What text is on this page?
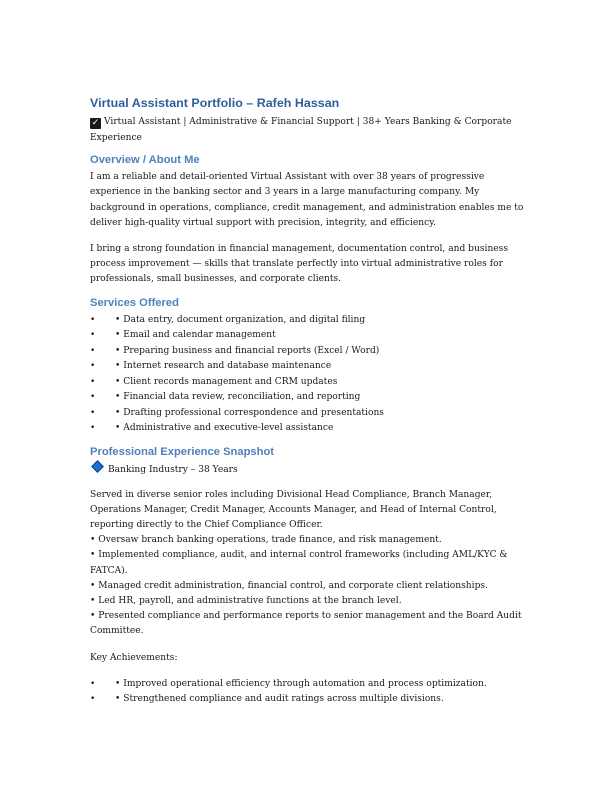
Virtual Assistant Portfolio – Rafeh Hassan
✓ Virtual Assistant | Administrative & Financial Support | 38+ Years Banking & Corporate Experience
Overview / About Me

I am a reliable and detail-oriented Virtual Assistant with over 38 years of progressive experience in the banking sector and 3 years in a large manufacturing company. My background in operations, compliance, credit management, and administration enables me to deliver high-quality virtual support with precision, integrity, and efficiency.

I bring a strong foundation in financial management, documentation control, and business process improvement — skills that translate perfectly into virtual administrative roles for professionals, small businesses, and corporate clients.

Services Offered
• • Data entry, document organization, and digital filing
• • Email and calendar management
• • Preparing business and financial reports (Excel / Word)
• • Internet research and database maintenance
• • Client records management and CRM updates
• • Financial data review, reconciliation, and reporting
• • Drafting professional correspondence and presentations
• • Administrative and executive-level assistance
Professional Experience Snapshot
Banking Industry – 38 Years

Served in diverse senior roles including Divisional Head Compliance, Branch Manager, Operations Manager, Credit Manager, Accounts Manager, and Head of Internal Control, reporting directly to the Chief Compliance Officer.

• Oversaw branch banking operations, trade finance, and risk management.

• Implemented compliance, audit, and internal control frameworks (including AML/KYC & FATCA).

• Managed credit administration, financial control, and corporate client relationships.

• Led HR, payroll, and administrative functions at the branch level.

• Presented compliance and performance reports to senior management and the Board Audit Committee.

Key Achievements:

• • Improved operational efficiency through automation and process optimization.
• • Strengthened compliance and audit ratings across multiple divisions.
